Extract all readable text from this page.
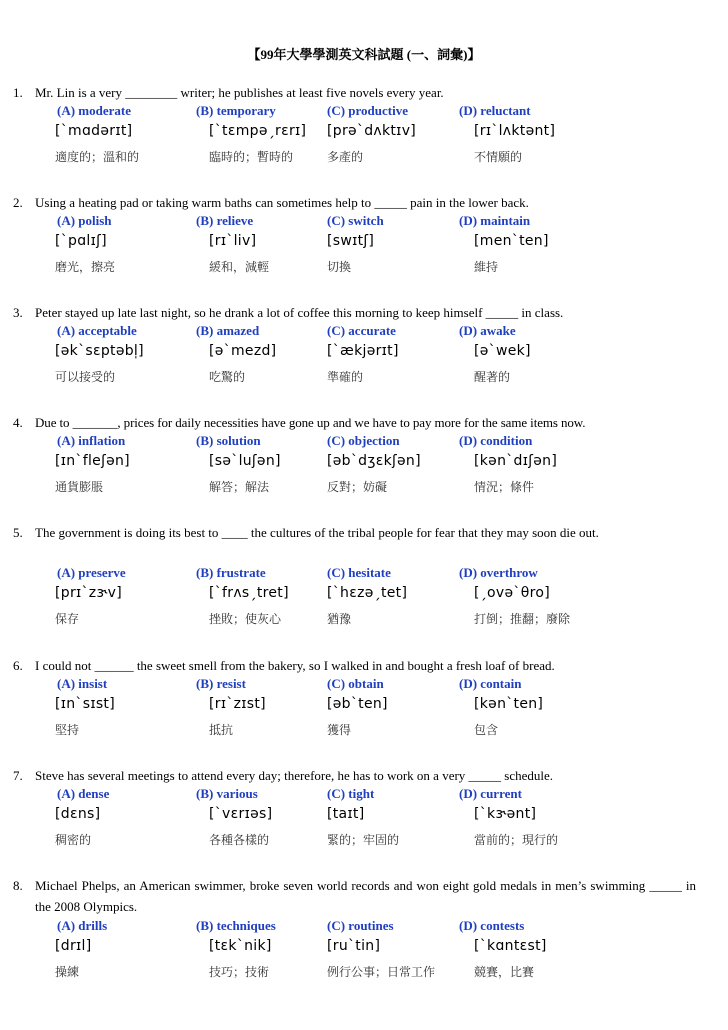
【99年大學學測英文科試題 (一、詞彙)】
1. Mr. Lin is a very ________ writer; he publishes at least five novels every year.
(A) moderate	(B) temporary	(C) productive	(D) reluctant
[ˋmɑdərɪt]	[ˋtɛmpəˏrɛrɪ] [prəˋdʌktɪv]	[rɪˋlʌktənt]
適度的；溫和的	臨時的；暫時的	多產的	不情願的
2. Using a heating pad or taking warm baths can sometimes help to _____ pain in the lower back.
(A) polish	(B) relieve	(C) switch	(D) maintain
[ˋpɑlɪʃ]	[rɪˋliv]	[swɪtʃ]	[menˋten]
磨光，擦亮	緩和，減輕	切換	維持
3. Peter stayed up late last night, so he drank a lot of coffee this morning to keep himself _____ in class.
(A) acceptable	(B) amazed	(C) accurate	(D) awake
[əkˋsɛptəbl̩]	[əˋmezd]	[ˋækjərɪt]	[əˋwek]
可以接受的	吃驚的	準確的	醒著的
4. Due to _______, prices for daily necessities have gone up and we have to pay more for the same items now.
(A) inflation	(B) solution	(C) objection	(D) condition
[ɪnˋfleʃən]	[səˋluʃən]	[əbˋdʒɛkʃən]	[kənˋdɪʃən]
通貨膨脹	解答；解法	反對；妨礙	情況；條件
5. The government is doing its best to ____ the cultures of the tribal people for fear that they may soon die out.
(A) preserve	(B) frustrate	(C) hesitate	(D) overthrow
[prɪˋzɝv]	[ˋfrʌsˏtret]	[ˋhɛzəˏtet]	[ˏovəˋθro]
保存	挫敗；使灰心	猶豫	打倒；推翻；廢除
6. I could not ______ the sweet smell from the bakery, so I walked in and bought a fresh loaf of bread.
(A) insist	(B) resist	(C) obtain	(D) contain
[ɪnˋsɪst]	[rɪˋzɪst]	[əbˋten]	[kənˋten]
堅持	抵抗	獲得	包含
7. Steve has several meetings to attend every day; therefore, he has to work on a very _____ schedule.
(A) dense	(B) various	(C) tight	(D) current
[dɛns]	[ˋvɛrɪəs]	[taɪt]	[ˋkɝənt]
稠密的	各種各樣的	緊的；牢固的	當前的；現行的
8. Michael Phelps, an American swimmer, broke seven world records and won eight gold medals in men’s swimming _____ in the 2008 Olympics.
(A) drills	(B) techniques	(C) routines	(D) contests
[drɪl]	[tɛkˋnik]	[ruˋtin]	[ˋkɑntɛst]
操練	技巧；技術	例行公事；日常工作	競賽，比賽
